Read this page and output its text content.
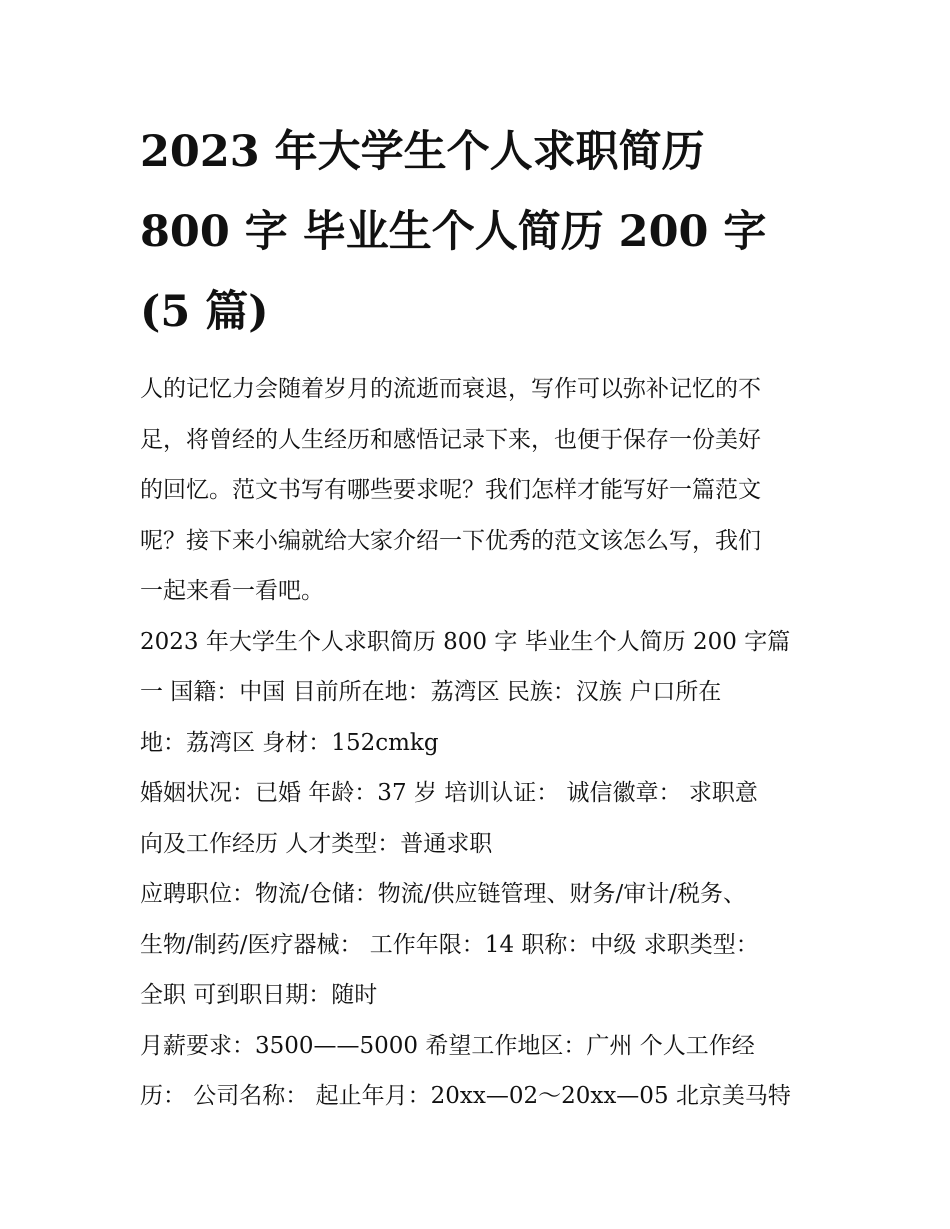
2023 年大学生个人求职简历
800 字 毕业生个人简历 200 字
(5 篇)
人的记忆力会随着岁月的流逝而衰退，写作可以弥补记忆的不
足，将曾经的人生经历和感悟记录下来，也便于保存一份美好
的回忆。范文书写有哪些要求呢？我们怎样才能写好一篇范文
呢？接下来小编就给大家介绍一下优秀的范文该怎么写，我们
一起来看一看吧。
2023 年大学生个人求职简历 800 字 毕业生个人简历 200 字篇
一 国籍：中国 目前所在地：荔湾区 民族：汉族 户口所在
地：荔湾区 身材：152cmkg
婚姻状况：已婚 年龄：37 岁 培训认证： 诚信徽章： 求职意
向及工作经历 人才类型：普通求职
应聘职位：物流/仓储：物流/供应链管理、财务/审计/税务、
生物/制药/医疗器械： 工作年限：14 职称：中级 求职类型：
全职 可到职日期：随时
月薪要求：3500——5000 希望工作地区：广州 个人工作经
历： 公司名称： 起止年月：20xx—02～20xx—05 北京美马特
